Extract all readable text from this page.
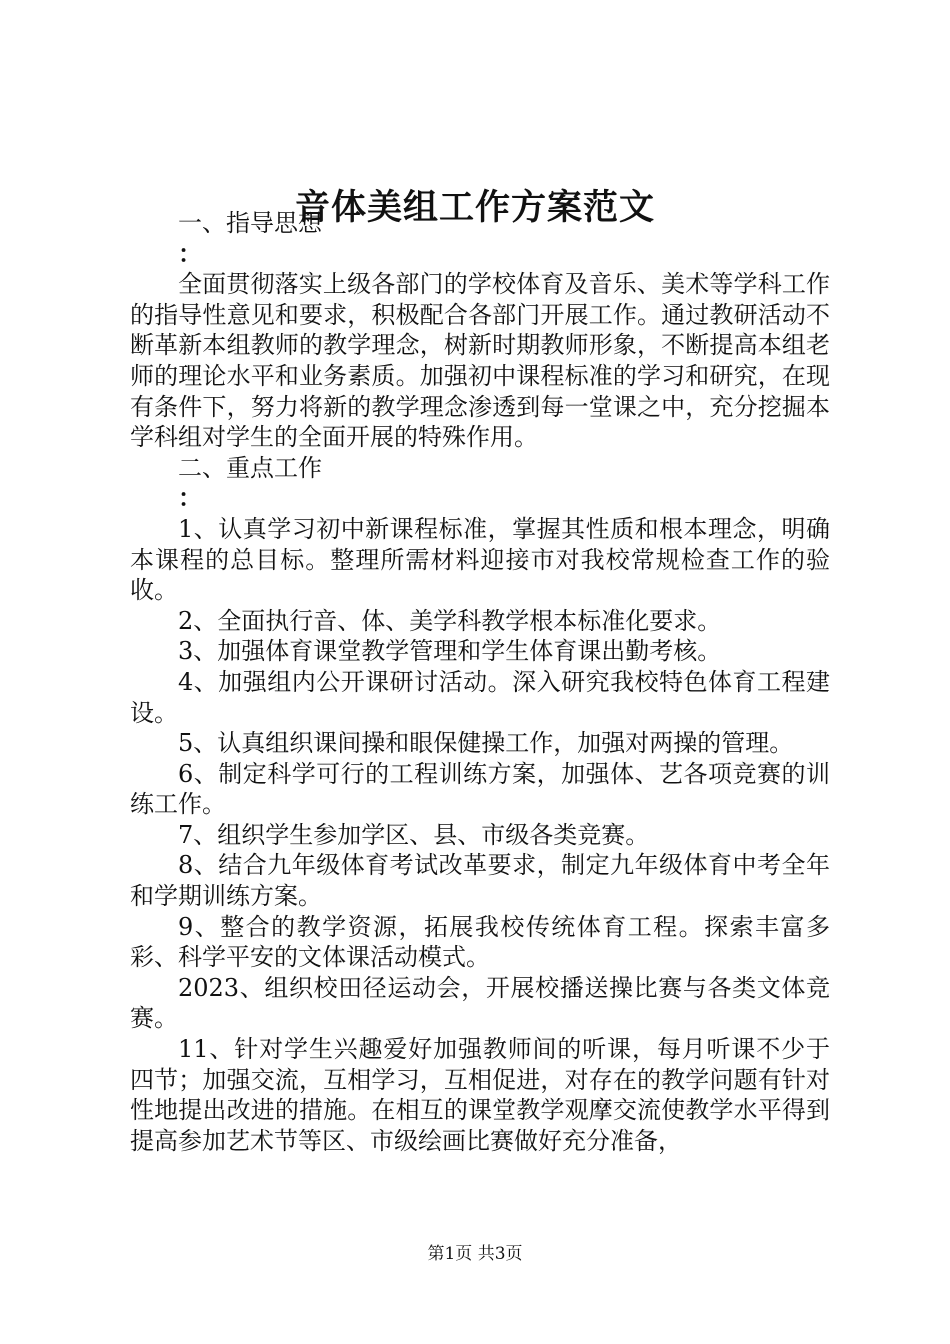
音体美组工作方案范文

一、指导思想

：

全面贯彻落实上级各部门的学校体育及音乐、美术等学科工作的指导性意见和要求，积极配合各部门开展工作。通过教研活动不断革新本组教师的教学理念，树新时期教师形象，不断提高本组老师的理论水平和业务素质。加强初中课程标准的学习和研究，在现有条件下，努力将新的教学理念渗透到每一堂课之中，充分挖掘本学科组对学生的全面开展的特殊作用。

二、重点工作

：

1、认真学习初中新课程标准，掌握其性质和根本理念，明确本课程的总目标。整理所需材料迎接市对我校常规检查工作的验收。

2、全面执行音、体、美学科教学根本标准化要求。

3、加强体育课堂教学管理和学生体育课出勤考核。

4、加强组内公开课研讨活动。深入研究我校特色体育工程建设。

5、认真组织课间操和眼保健操工作，加强对两操的管理。

6、制定科学可行的工程训练方案，加强体、艺各项竞赛的训练工作。

7、组织学生参加学区、县、市级各类竞赛。

8、结合九年级体育考试改革要求，制定九年级体育中考全年和学期训练方案。

9、整合的教学资源，拓展我校传统体育工程。探索丰富多彩、科学平安的文体课活动模式。

2023、组织校田径运动会，开展校播送操比赛与各类文体竞赛。

11、针对学生兴趣爱好加强教师间的听课，每月听课不少于四节；加强交流，互相学习，互相促进，对存在的教学问题有针对性地提出改进的措施。在相互的课堂教学观摩交流使教学水平得到提高参加艺术节等区、市级绘画比赛做好充分准备，

第1页 共3页
